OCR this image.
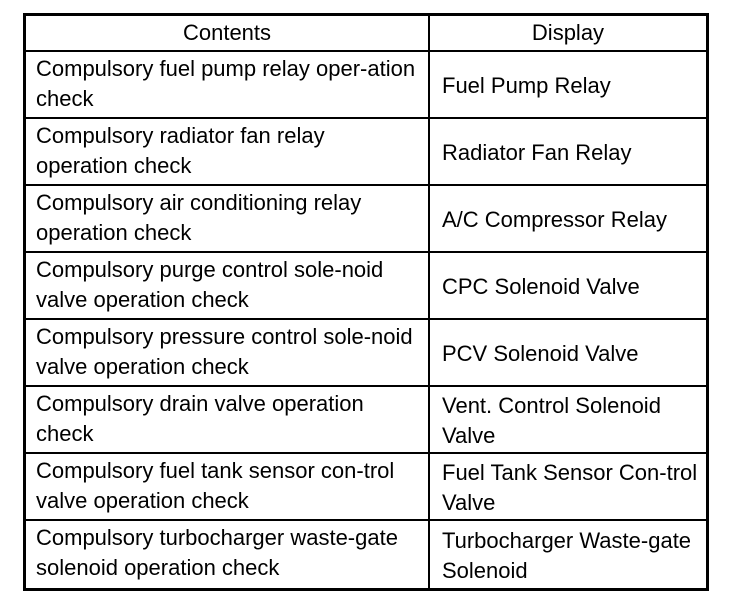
Contents	Display
Compulsory fuel pump relay oper-ation check
Fuel Pump Relay
Compulsory radiator fan relay operation check
Radiator Fan Relay
Compulsory air conditioning relay operation check
A/C Compressor Relay
Compulsory purge control sole-noid valve operation check
CPC Solenoid Valve
Compulsory pressure control sole-noid valve operation check
PCV Solenoid Valve
Compulsory drain valve operation check
Vent. Control Solenoid Valve
Compulsory fuel tank sensor con-trol valve operation check
Fuel Tank Sensor Con-trol Valve
Compulsory turbocharger waste-gate solenoid operation check
Turbocharger Waste-gate Solenoid
